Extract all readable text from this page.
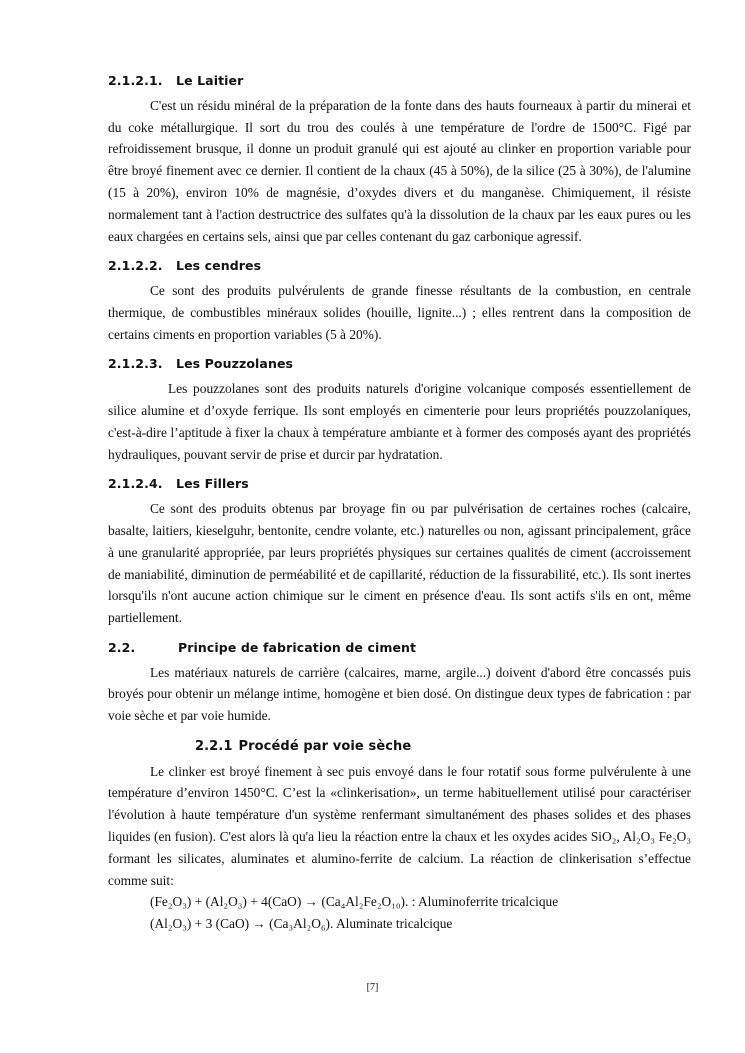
2.1.2.1. Le Laitier

C'est un résidu minéral de la préparation de la fonte dans des hauts fourneaux à partir du minerai et du coke métallurgique. Il sort du trou des coulés à une température de l'ordre de 1500°C. Figé par refroidissement brusque, il donne un produit granulé qui est ajouté au clinker en proportion variable pour être broyé finement avec ce dernier. Il contient de la chaux (45 à 50%), de la silice (25 à 30%), de l'alumine (15 à 20%), environ 10% de magnésie, d’oxydes divers et du manganèse. Chimiquement, il résiste normalement tant à l'action destructrice des sulfates qu'à la dissolution de la chaux par les eaux pures ou les eaux chargées en certains sels, ainsi que par celles contenant du gaz carbonique agressif.

2.1.2.2. Les cendres

Ce sont des produits pulvérulents de grande finesse résultants de la combustion, en centrale thermique, de combustibles minéraux solides (houille, lignite...) ; elles rentrent dans la composition de certains ciments en proportion variables (5 à 20%).

2.1.2.3. Les Pouzzolanes

Les pouzzolanes sont des produits naturels d'origine volcanique composés essentiellement de silice alumine et d’oxyde ferrique. Ils sont employés en cimenterie pour leurs propriétés pouzzolaniques, c'est-à-dire l’aptitude à fixer la chaux à température ambiante et à former des composés ayant des propriétés hydrauliques, pouvant servir de prise et durcir par hydratation.

2.1.2.4. Les Fillers

Ce sont des produits obtenus par broyage fin ou par pulvérisation de certaines roches (calcaire, basalte, laitiers, kieselguhr, bentonite, cendre volante, etc.) naturelles ou non, agissant principalement, grâce à une granularité appropriée, par leurs propriétés physiques sur certaines qualités de ciment (accroissement de maniabilité, diminution de perméabilité et de capillarité, réduction de la fissurabilité, etc.). Ils sont inertes lorsqu'ils n'ont aucune action chimique sur le ciment en présence d'eau. Ils sont actifs s'ils en ont, même partiellement.

2.2.	Principe de fabrication de ciment

Les matériaux naturels de carrière (calcaires, marne, argile...) doivent d'abord être concassés puis broyés pour obtenir un mélange intime, homogène et bien dosé. On distingue deux types de fabrication : par voie sèche et par voie humide.

2.2.1 Procédé par voie sèche

Le clinker est broyé finement à sec puis envoyé dans le four rotatif sous forme pulvérulente à une température d’environ 1450°C. C’est la «clinkerisation», un terme habituellement utilisé pour caractériser l'évolution à haute température d'un système renfermant simultanément des phases solides et des phases liquides (en fusion). C'est alors là qu'a lieu la réaction entre la chaux et les oxydes acides SiO₂, Al₂O₃ Fe₂O₃ formant les silicates, aluminates et alumino-ferrite de calcium. La réaction de clinkerisation s’effectue comme suit:

(Fe₂O₃) + (Al₂O₃) + 4(CaO) → (Ca₄Al₂Fe₂O₁₀). : Aluminoferrite tricalcique
(Al₂O₃) + 3 (CaO) → (Ca₃Al₂O₆). Aluminate tricalcique
[7]
